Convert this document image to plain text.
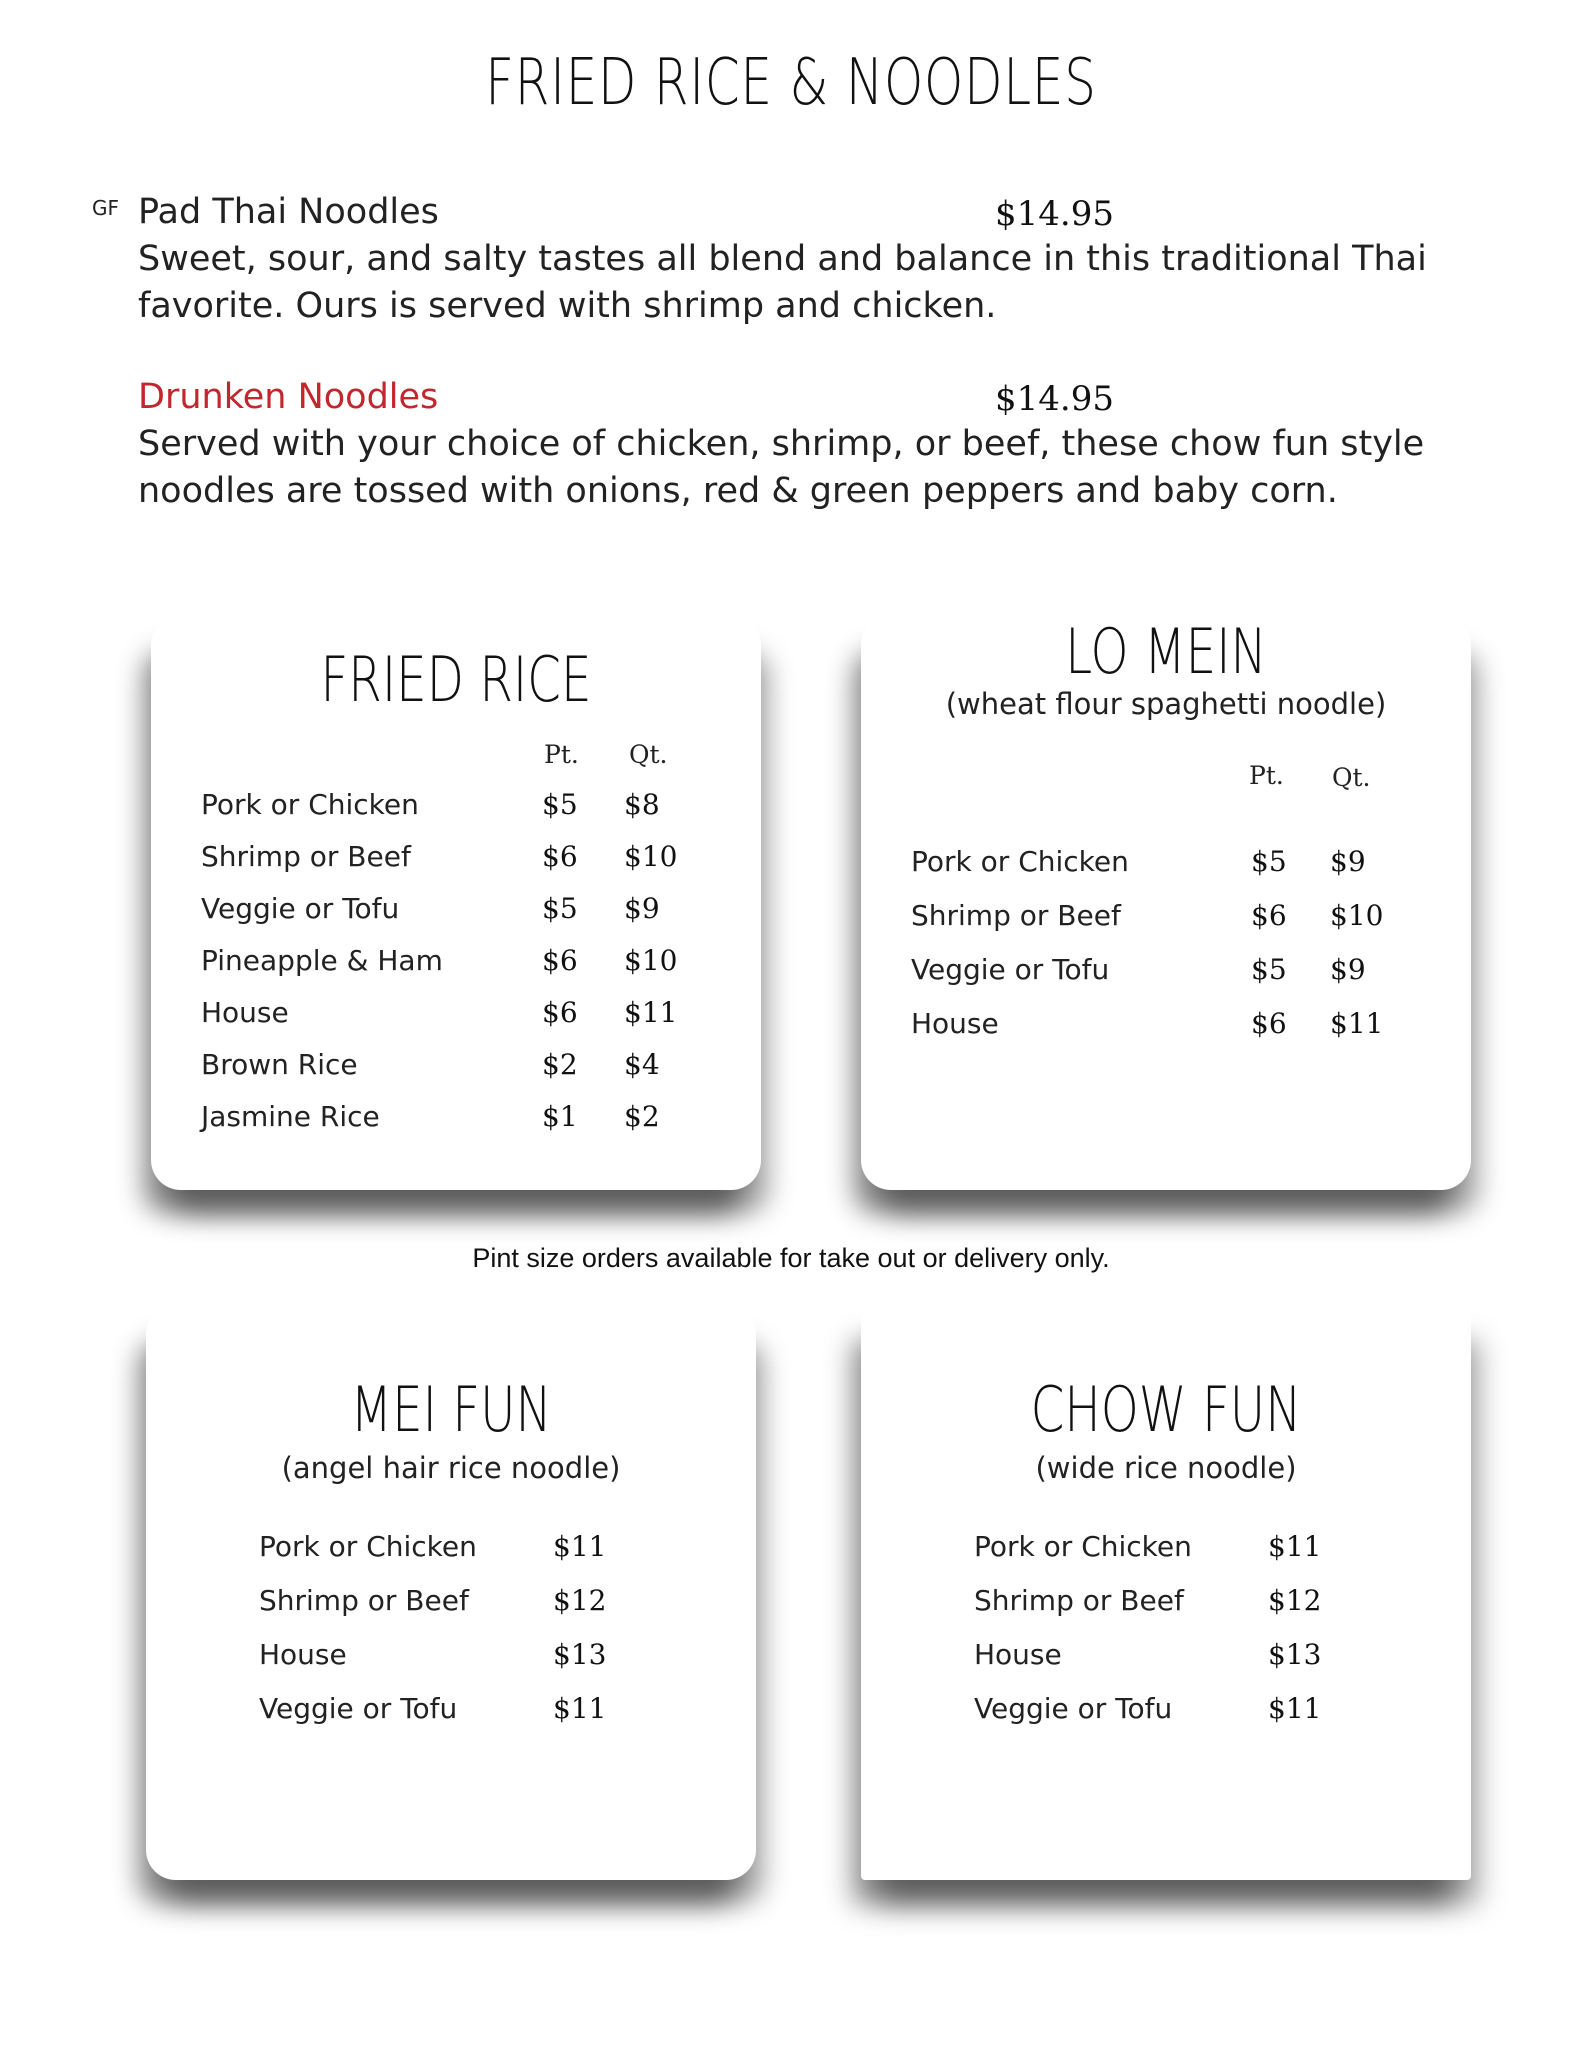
FRIED RICE & NOODLES
GF Pad Thai Noodles	$14.95
Sweet, sour, and salty tastes all blend and balance in this traditional Thai favorite. Ours is served with shrimp and chicken.
Drunken Noodles	$14.95
Served with your choice of chicken, shrimp, or beef, these chow fun style noodles are tossed with onions, red & green peppers and baby corn.
FRIED RICE
Pt. Qt.
Pork or Chicken	$5 $8
Shrimp or Beef	$6 $10
Veggie or Tofu	$5 $9
Pineapple & Ham	$6 $10
House	$6 $11
Brown Rice	$2 $4
Jasmine Rice	$1 $2
LO MEIN
(wheat flour spaghetti noodle)
Pt. Qt.
Pork or Chicken	$5 $9
Shrimp or Beef	$6 $10
Veggie or Tofu	$5 $9
House	$6 $11
Pint size orders available for take out or delivery only.
MEI FUN
(angel hair rice noodle)
Pork or Chicken	$11
Shrimp or Beef	$12
House	$13
Veggie or Tofu	$11
CHOW FUN
(wide rice noodle)
Pork or Chicken	$11
Shrimp or Beef	$12
House	$13
Veggie or Tofu	$11
